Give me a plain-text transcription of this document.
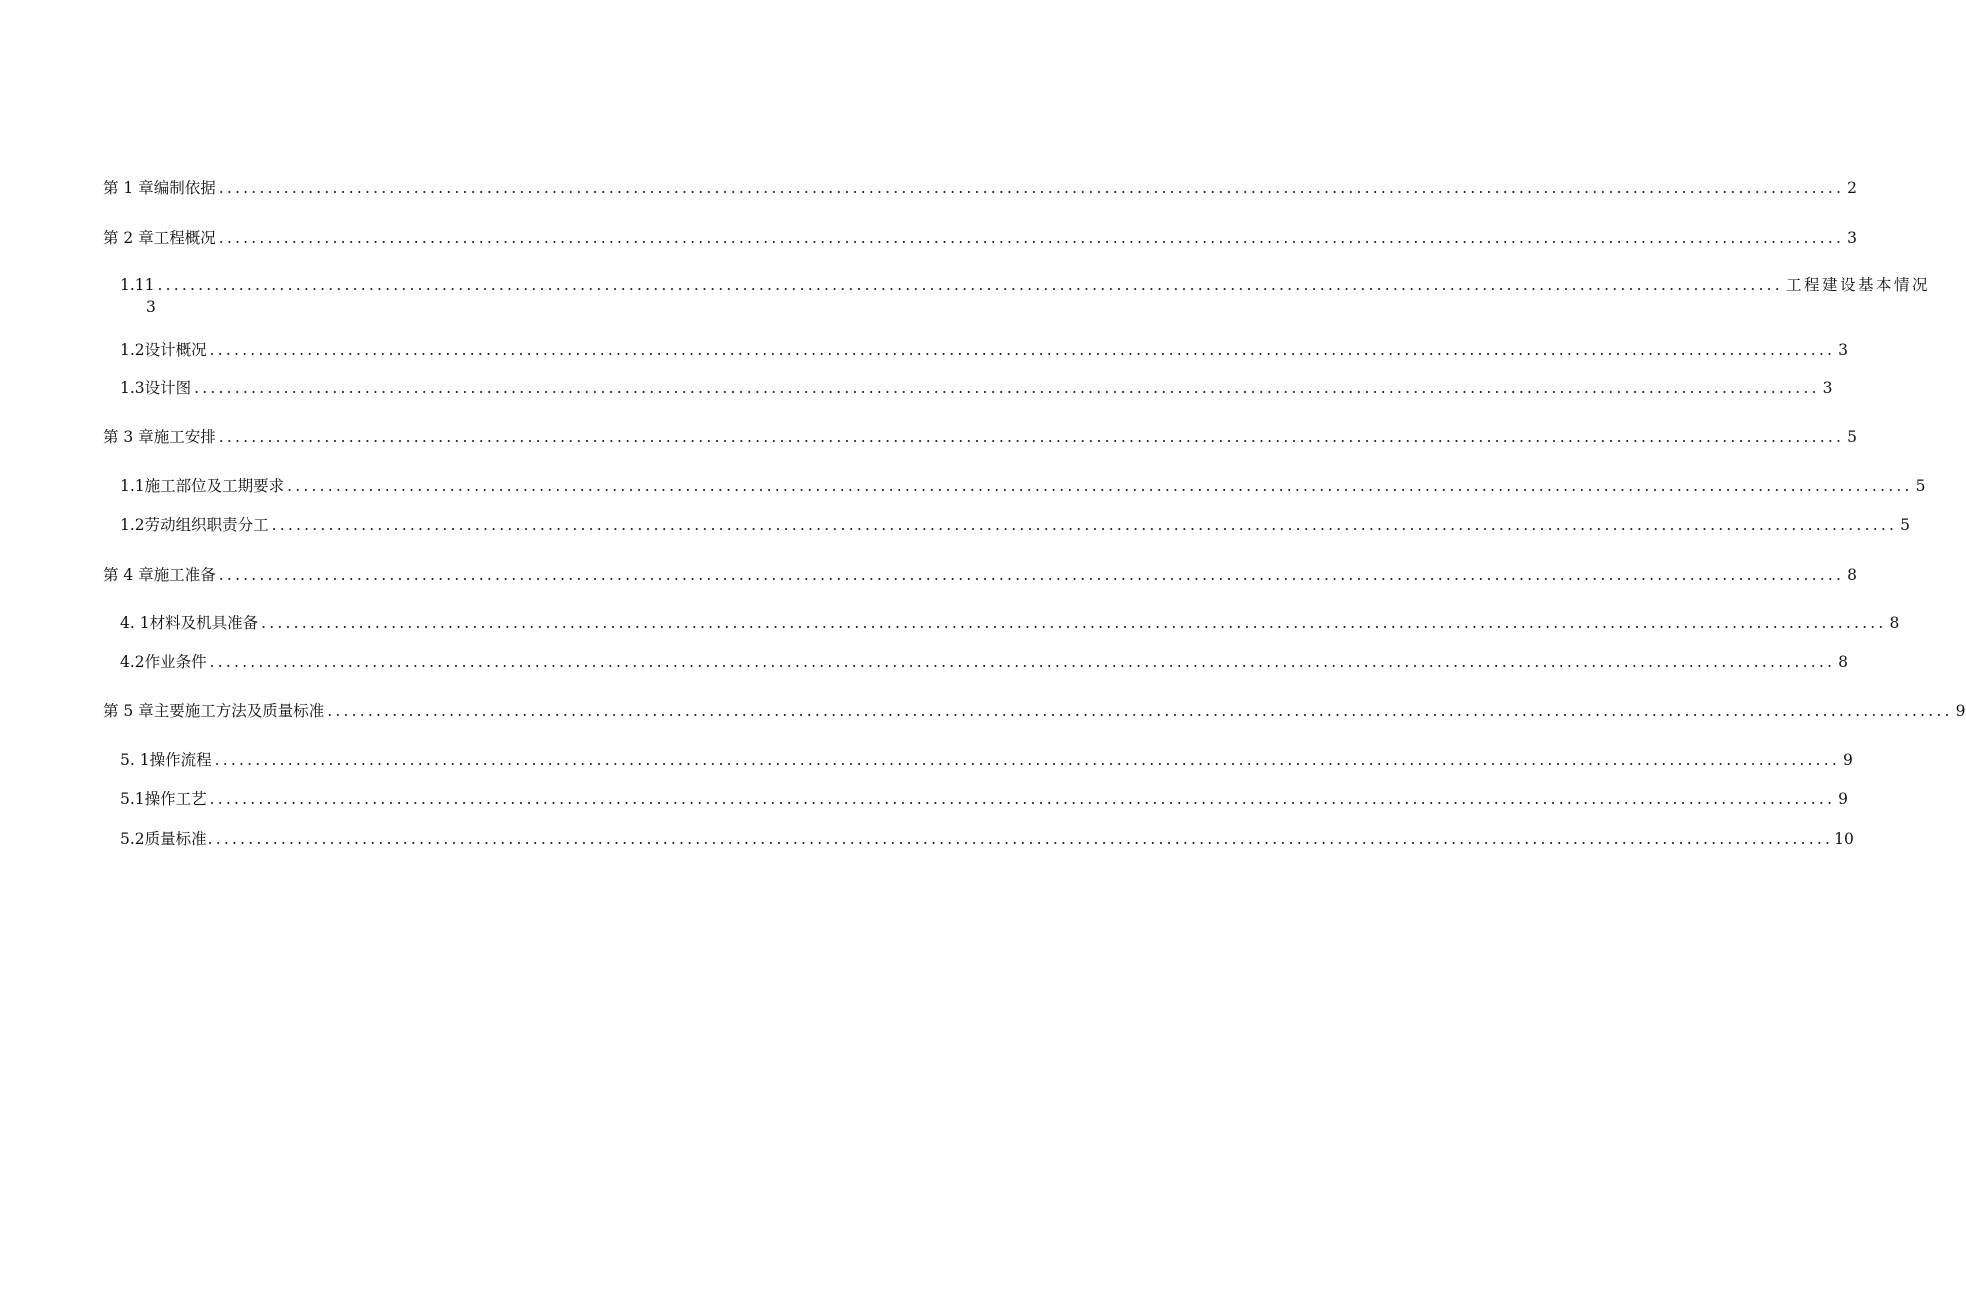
第 1 章 编制依据 ........................................................................................................................................................................................................ 2
第 2 章 工程概况 ........................................................................................................................................................................................................ 3
1.1 1 ........................................................................................................................................................................................................ 工程建设基本情况
3
1.2 设计概况 ........................................................................................................................................................................................................ 3
1.3 设计图 ........................................................................................................................................................................................................ 3
第 3 章 施工安排 ........................................................................................................................................................................................................ 5
1.1 施工部位及工期要求 ........................................................................................................................................................................................................ 5
1.2 劳动组织职责分工 ........................................................................................................................................................................................................ 5
第 4 章 施工准备 ........................................................................................................................................................................................................ 8
4. 1 材料及机具准备 ........................................................................................................................................................................................................ 8
4.2 作业条件 ........................................................................................................................................................................................................ 8
第 5 章 主要施工方法及质量标准 ........................................................................................................................................................................................................ 9
5. 1 操作流程 ........................................................................................................................................................................................................ 9
5.1 操作工艺 ........................................................................................................................................................................................................ 9
5.2 质量标准 ........................................................................................................................................................................................................ 10
